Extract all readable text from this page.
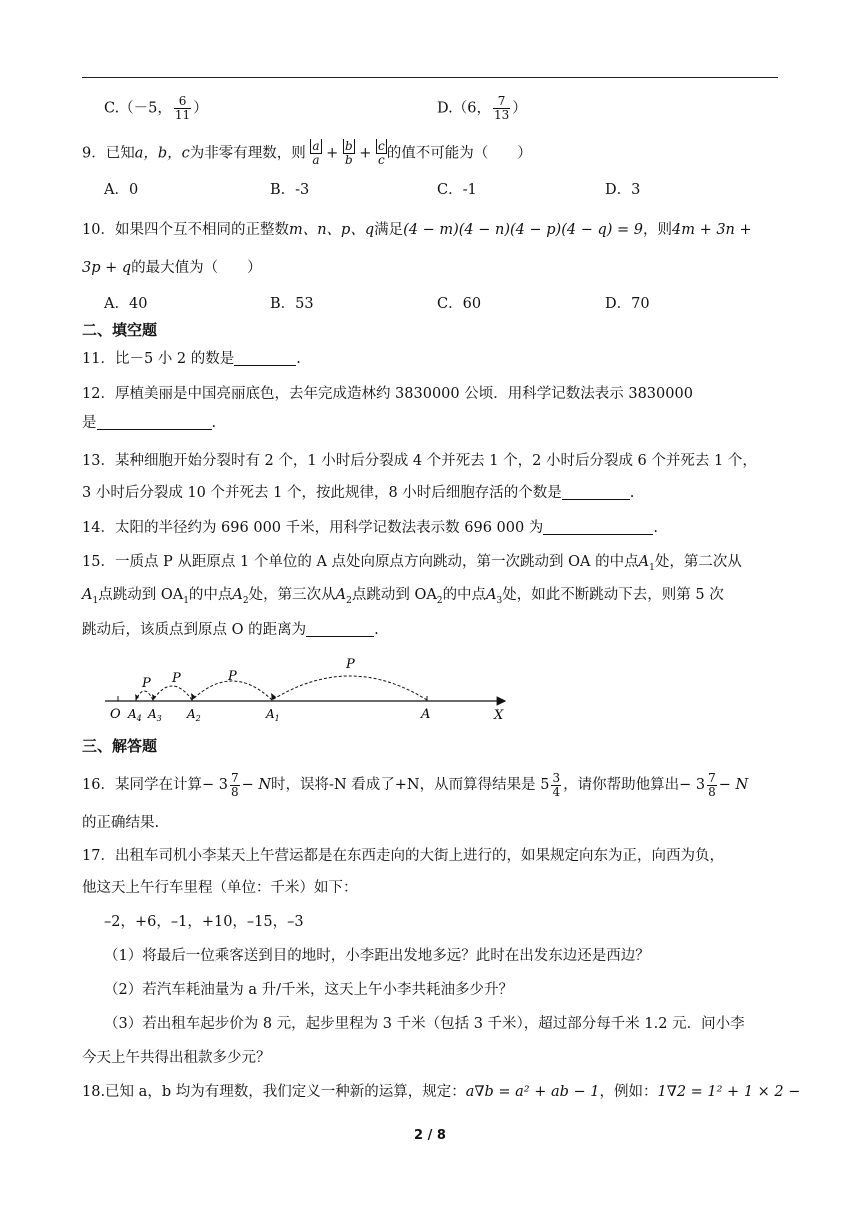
C.（－5， $\frac{6}{11}$ ）	D.（6， $\frac{7}{13}$ ）
9．已知a，b，c为非零有理数，则 $\frac{a}{a} + \frac{b}{b} + \frac{c}{c}$ 的值不可能为（　　）
A．0	B．-3	C．-1	D．3
10．如果四个互不相同的正整数m、n、p、q满足(4 − m)(4 − n)(4 − p)(4 − q) = 9，则4m + 3n +
3p + q的最大值为（　　）
A．40	B．53	C．60	D．70
二、填空题
11．比－5 小 2 的数是	.
12．厚植美丽是中国亮丽底色，去年完成造林约 3830000 公顷．用科学记数法表示 3830000
是	.
13．某种细胞开始分裂时有 2 个，1 小时后分裂成 4 个并死去 1 个，2 小时后分裂成 6 个并死去 1 个，
3 小时后分裂成 10 个并死去 1 个，按此规律，8 小时后细胞存活的个数是	.
14．太阳的半径约为 696 000 千米，用科学记数法表示数 696 000 为	.
15．一质点 P 从距原点 1 个单位的 A 点处向原点方向跳动，第一次跳动到 OA 的中点$A_1$处，第二次从
$A_1$点跳动到 $OA_1$的中点$A_2$处，第三次从$A_2$点跳动到 $OA_2$的中点$A_3$处，如此不断跳动下去，则第 5 次
跳动后，该质点到原点 O 的距离为	.
P
P
P
P
O $A_4$ $A_3$ $A_2$	$A_1$	A	X
三、解答题
16．某同学在计算− $3 \frac{7}{8} - N$时，误将-N 看成了+N，从而算得结果是 $5 \frac{3}{4}$ ，请你帮助他算出− $3 \frac{7}{8} - N$
的正确结果.
17．出租车司机小李某天上午营运都是在东西走向的大街上进行的，如果规定向东为正，向西为负，
他这天上午行车里程（单位：千米）如下：
–2，+6，–1，+10，–15，–3
（1）将最后一位乘客送到目的地时，小李距出发地多远？此时在出发东边还是西边？
（2）若汽车耗油量为 a 升/千米，这天上午小李共耗油多少升？
（3）若出租车起步价为 8 元，起步里程为 3 千米（包括 3 千米），超过部分每千米 1.2 元．问小李
今天上午共得出租款多少元？
18.已知 a，b 均为有理数，我们定义一种新的运算，规定：a∇b = a² + ab − 1，例如：1∇2 = 1² + 1 × 2 −
2 / 8
